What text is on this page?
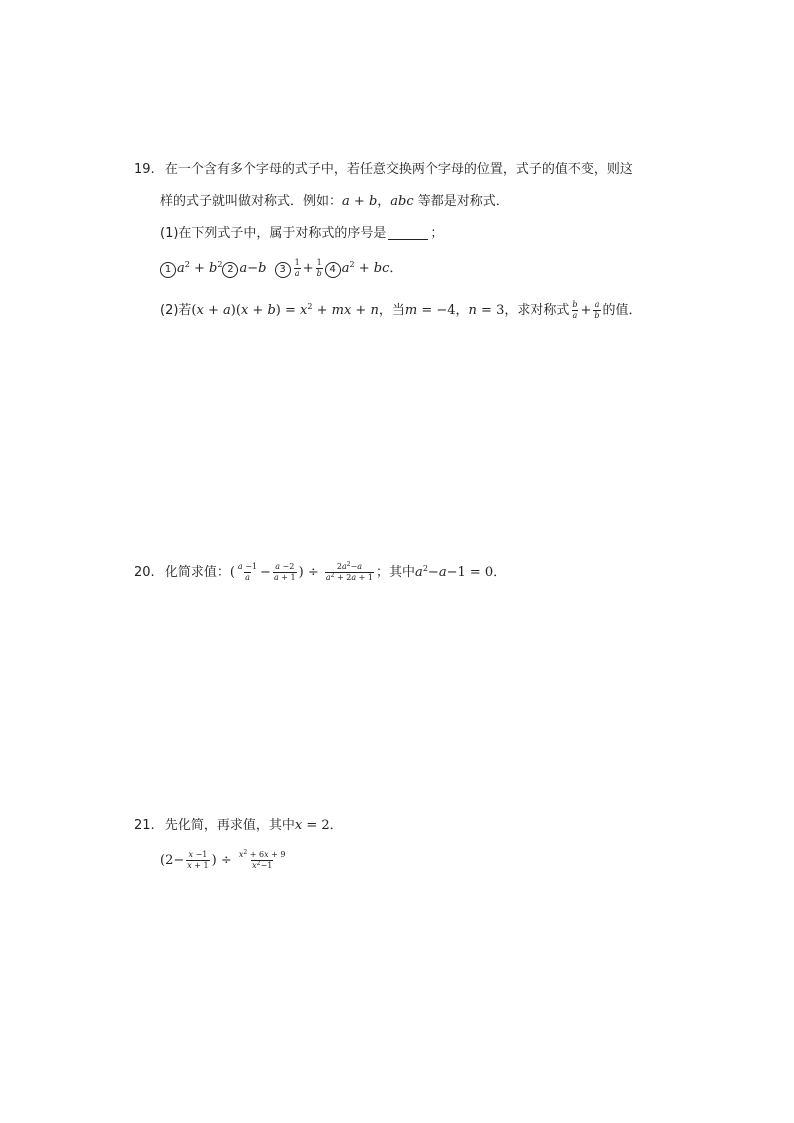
19. 在一个含有多个字母的式子中，若任意交换两个字母的位置，式子的值不变，则这
样的式子就叫做对称式．例如：a + b，abc 等都是对称式．
(1)在下列式子中，属于对称式的序号是	；
1 $a^2 + b^2$ 2 a−b $3 \frac{1}{a} + \frac{1}{b} 4$ $a^2$ + bc．
(2)若$(x + a)(x + b) = x^2$ + mx + n，当m = −4，n = 3，求对称式 $\frac{b}{a} + \frac{a}{b}$ 的值．
20. 化简求值：( $\frac{a -1}{a} - \frac{a -2}{a + 1}$ ) ÷ $\frac{2a^2-a}{a^2 + 2a + 1}$ ；其中$a^2-a-1 = 0$．
21. 先化简，再求值，其中x = 2．
($2- \frac{x -1}{x + 1}$ ) ÷ $\frac{x^2 + 6x + 9}{x^2-1}$
